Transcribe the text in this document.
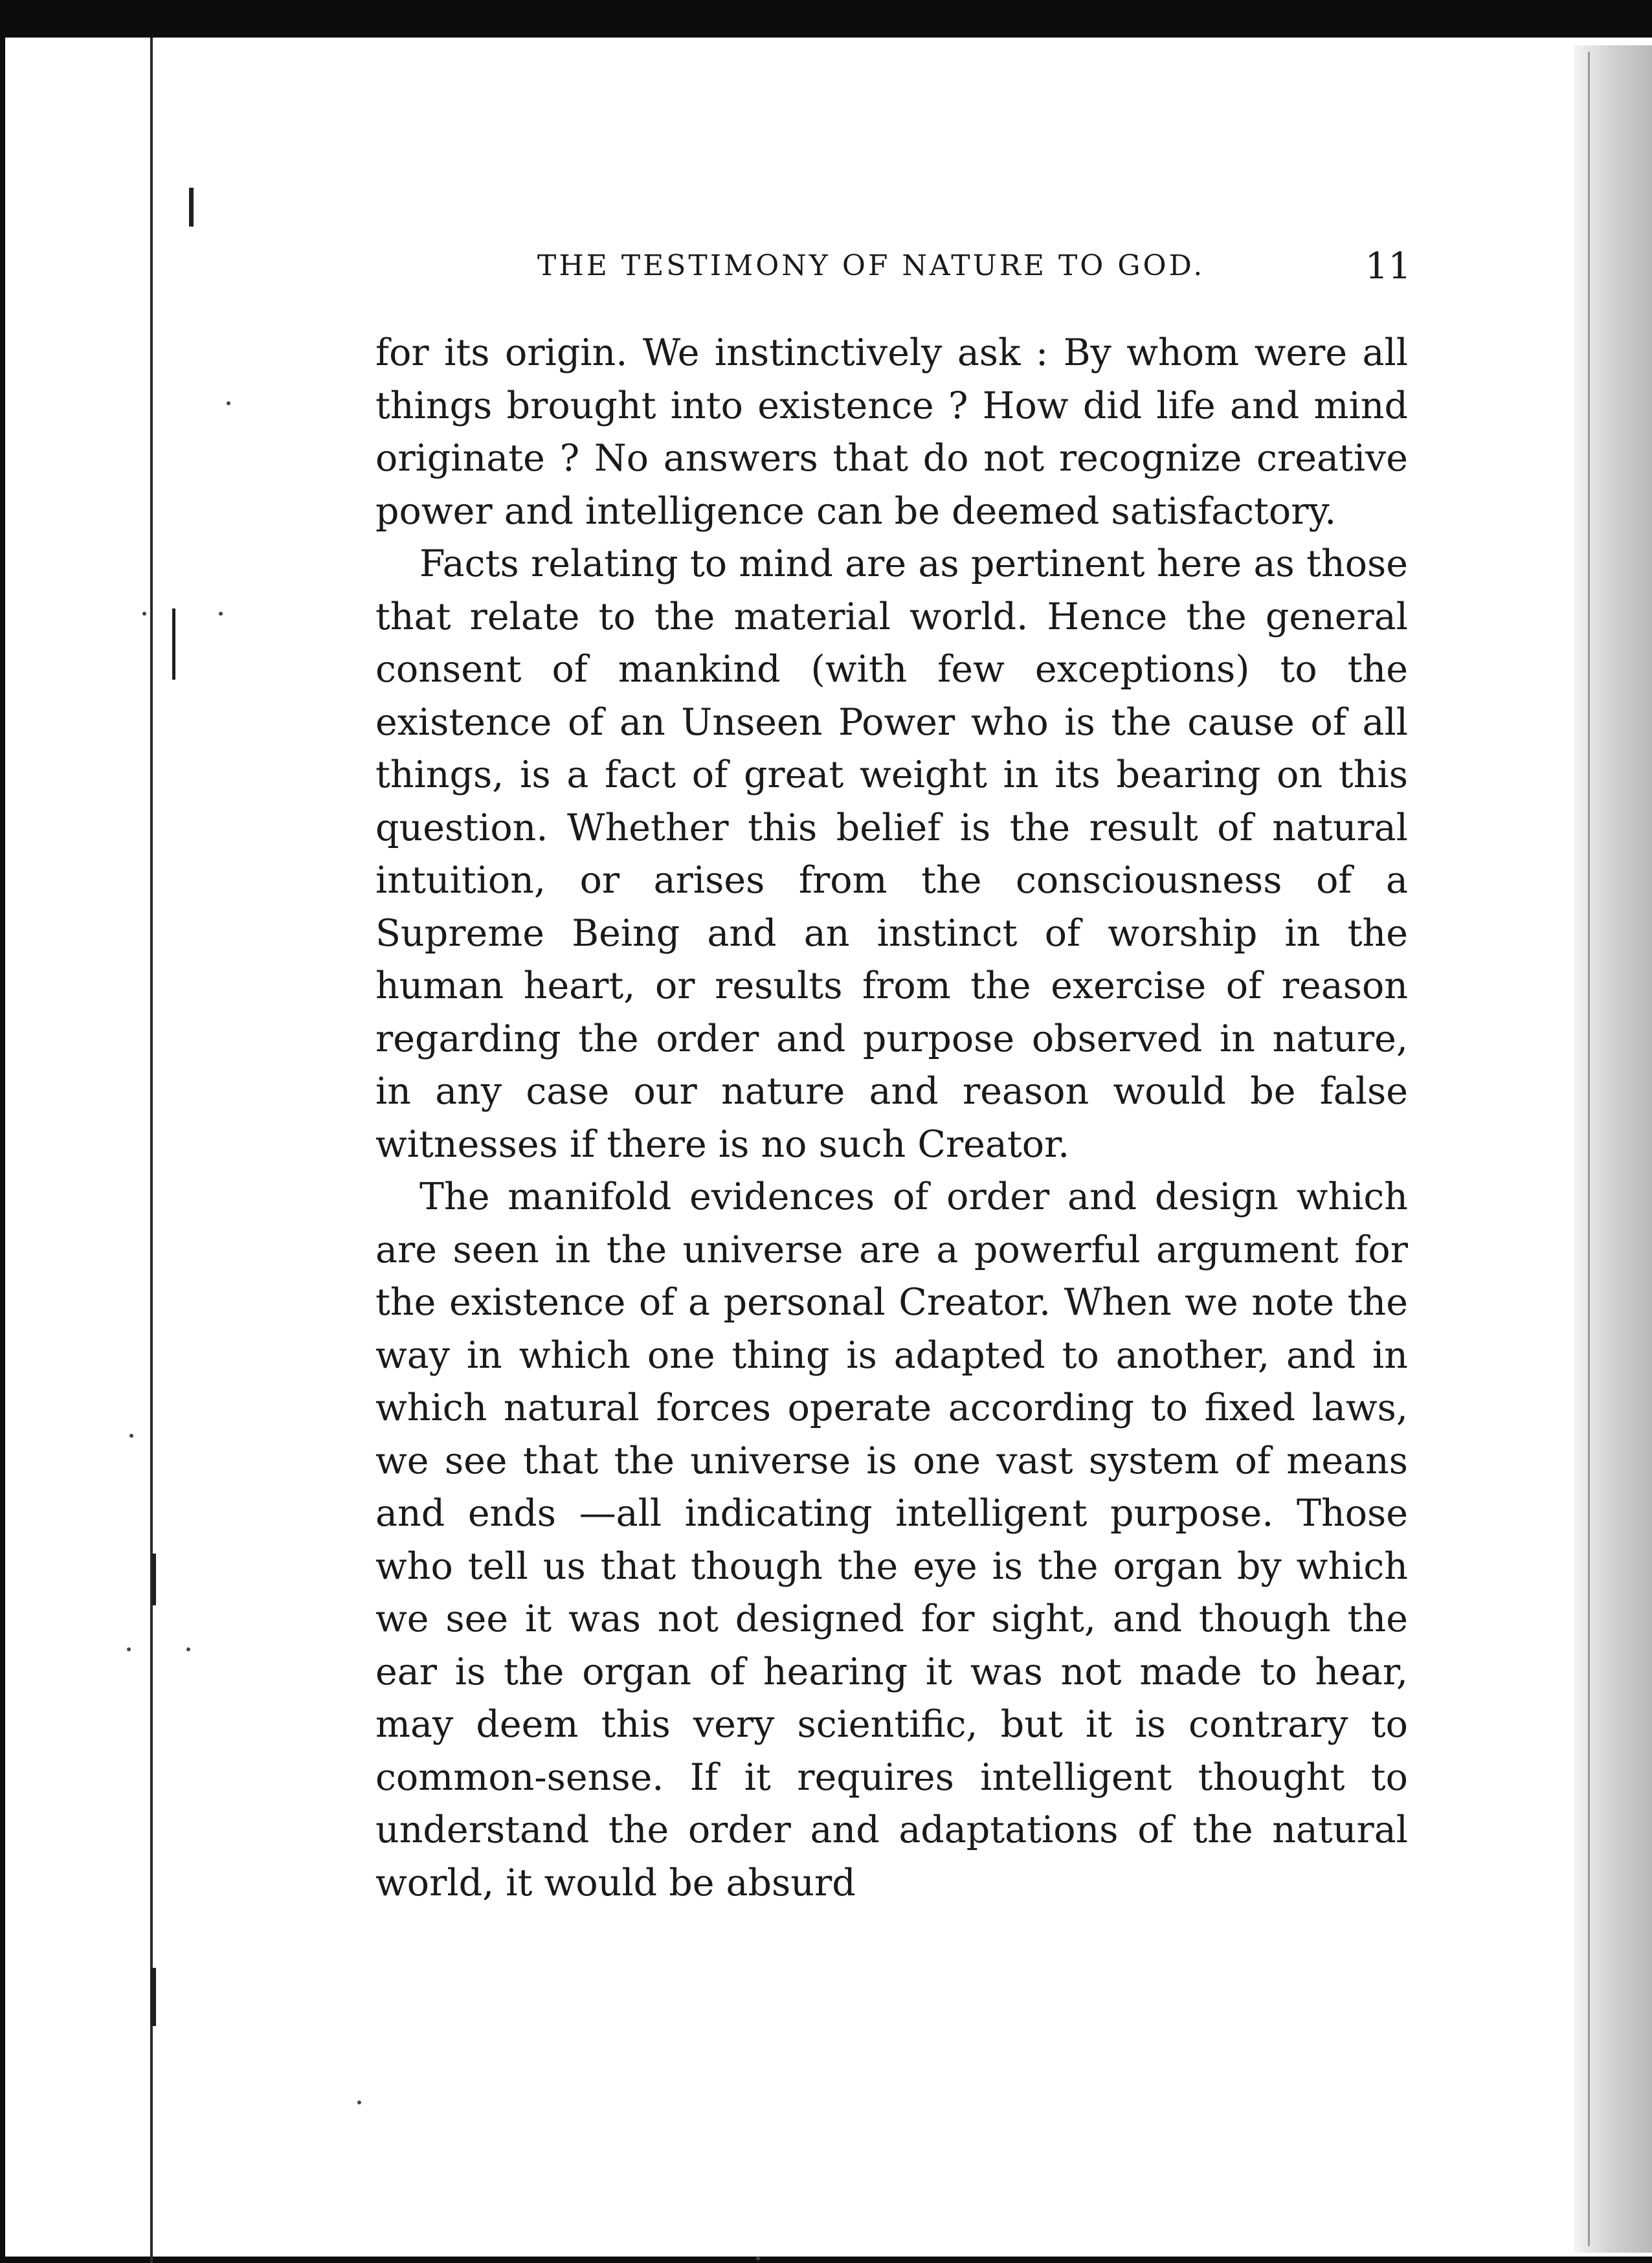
THE TESTIMONY OF NATURE TO GOD.	11

for its origin. We instinctively ask : By whom were all things brought into existence ? How did life and mind originate ? No answers that do not recognize creative power and intelligence can be deemed satisfactory.

Facts relating to mind are as pertinent here as those that relate to the material world. Hence the general consent of mankind (with few exceptions) to the existence of an Unseen Power who is the cause of all things, is a fact of great weight in its bearing on this question. Whether this belief is the result of natural intuition, or arises from the consciousness of a Supreme Being and an instinct of worship in the human heart, or results from the exercise of reason regarding the order and purpose observed in nature, in any case our nature and reason would be false witnesses if there is no such Creator.

The manifold evidences of order and design which are seen in the universe are a powerful argument for the existence of a personal Creator. When we note the way in which one thing is adapted to another, and in which natural forces operate according to fixed laws, we see that the universe is one vast system of means and ends —all indicating intelligent purpose. Those who tell us that though the eye is the organ by which we see it was not designed for sight, and though the ear is the organ of hearing it was not made to hear, may deem this very scientific, but it is contrary to common-sense. If it requires intelligent thought to understand the order and adaptations of the natural world, it would be absurd
